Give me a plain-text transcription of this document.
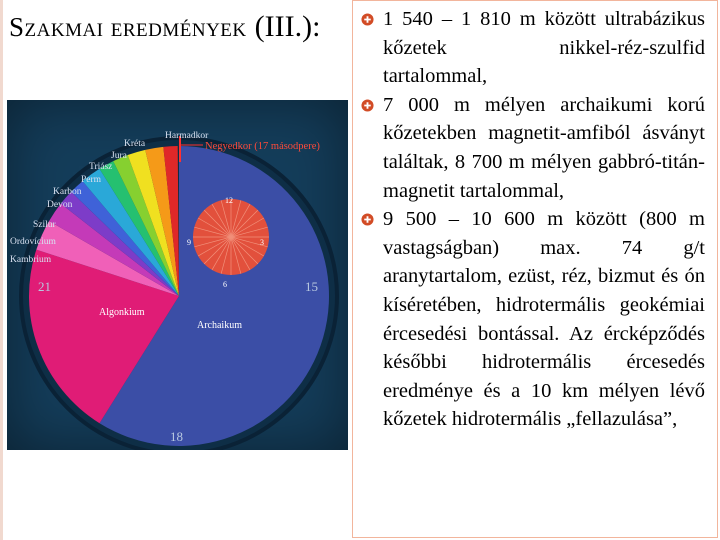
Szakmai eredmények (III.):
12
9	3
6
Harmadkor
Negyedkor (17 másodpere)
Kréta
Jura
Triász
Perm
Karbon
Devon
Szilur
Ordovícium
Kambrium
Algonkium
Archaikum
21	15
18
1 540 – 1 810 m között ultrabázikus kőzetek nikkel-réz-szulfid tartalommal,
7 000 m mélyen archaikumi korú kőzetekben magnetit-amfiból ásványt találtak, 8 700 m mélyen gabbró-titán-magnetit tartalommal,
9 500 – 10 600 m között (800 m vastagságban) max. 74 g/t aranytartalom, ezüst, réz, bizmut és ón kíséretében, hidrotermális geokémiai ércesedési bontással. Az ércképződés későbbi hidrotermális ércesedés eredménye és a 10 km mélyen lévő kőzetek hidrotermális „fellazulása”,
